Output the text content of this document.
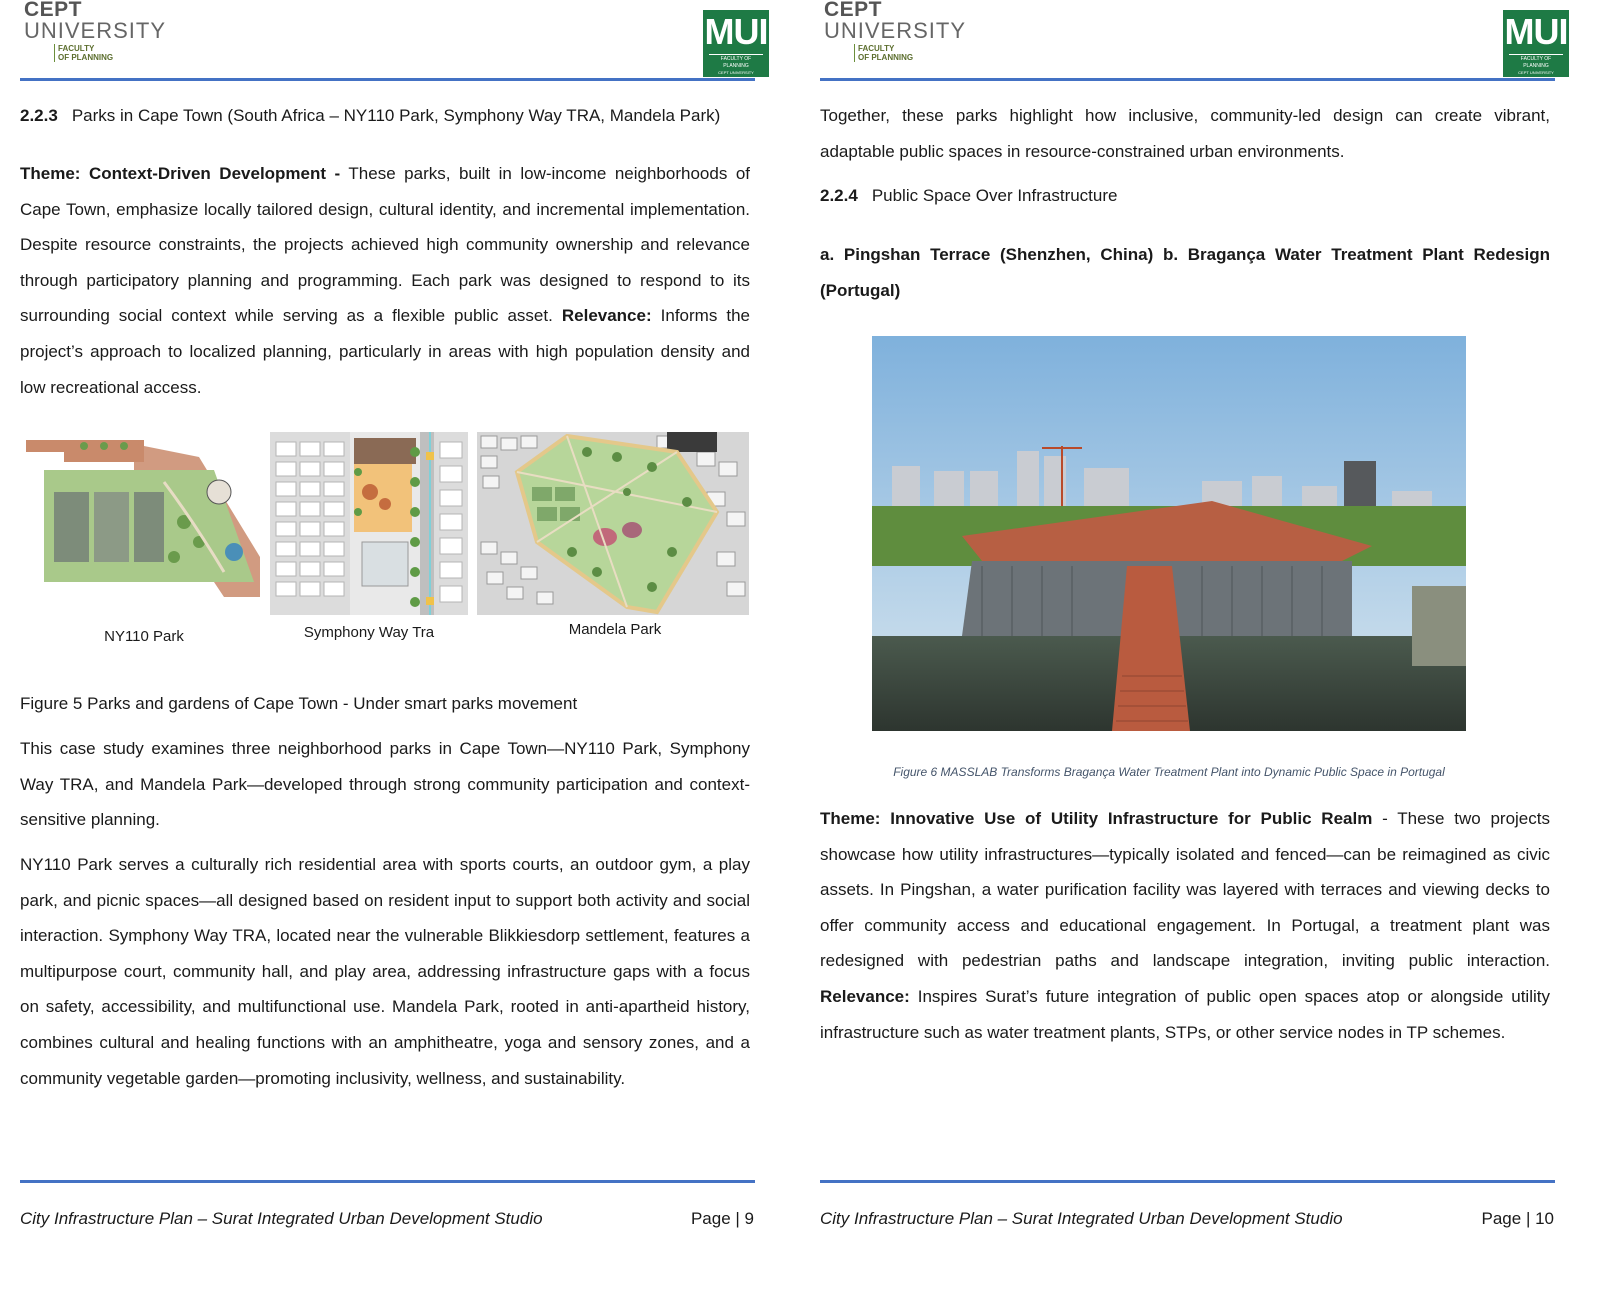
CEPT
UNIVERSITY
FACULTY
OF PLANNING
MUI
FACULTY OF PLANNING
CEPT UNIVERSITY
2.2.3 Parks in Cape Town (South Africa – NY110 Park, Symphony Way TRA, Mandela Park)

Theme: Context-Driven Development - These parks, built in low-income neighborhoods of Cape Town, emphasize locally tailored design, cultural identity, and incremental implementation. Despite resource constraints, the projects achieved high community ownership and relevance through participatory planning and programming. Each park was designed to respond to its surrounding social context while serving as a flexible public asset. Relevance: Informs the project’s approach to localized planning, particularly in areas with high population density and low recreational access.

NY110 Park	Symphony Way Tra	Mandela Park

Figure 5 Parks and gardens of Cape Town - Under smart parks movement

This case study examines three neighborhood parks in Cape Town—NY110 Park, Symphony Way TRA, and Mandela Park—developed through strong community participation and context-sensitive planning.

NY110 Park serves a culturally rich residential area with sports courts, an outdoor gym, a play park, and picnic spaces—all designed based on resident input to support both activity and social interaction. Symphony Way TRA, located near the vulnerable Blikkiesdorp settlement, features a multipurpose court, community hall, and play area, addressing infrastructure gaps with a focus on safety, accessibility, and multifunctional use. Mandela Park, rooted in anti-apartheid history, combines cultural and healing functions with an amphitheatre, yoga and sensory zones, and a community vegetable garden—promoting inclusivity, wellness, and sustainability.

City Infrastructure Plan – Surat Integrated Urban Development Studio	Page | 9
CEPT
UNIVERSITY
FACULTY
OF PLANNING
MUI
FACULTY OF PLANNING
CEPT UNIVERSITY

Together, these parks highlight how inclusive, community-led design can create vibrant, adaptable public spaces in resource-constrained urban environments.

2.2.4 Public Space Over Infrastructure

a. Pingshan Terrace (Shenzhen, China) b. Bragança Water Treatment Plant Redesign (Portugal)

Figure 6 MASSLAB Transforms Bragança Water Treatment Plant into Dynamic Public Space in Portugal

Theme: Innovative Use of Utility Infrastructure for Public Realm - These two projects showcase how utility infrastructures—typically isolated and fenced—can be reimagined as civic assets. In Pingshan, a water purification facility was layered with terraces and viewing decks to offer community access and educational engagement. In Portugal, a treatment plant was redesigned with pedestrian paths and landscape integration, inviting public interaction. Relevance: Inspires Surat’s future integration of public open spaces atop or alongside utility infrastructure such as water treatment plants, STPs, or other service nodes in TP schemes.

City Infrastructure Plan – Surat Integrated Urban Development Studio	Page | 10
